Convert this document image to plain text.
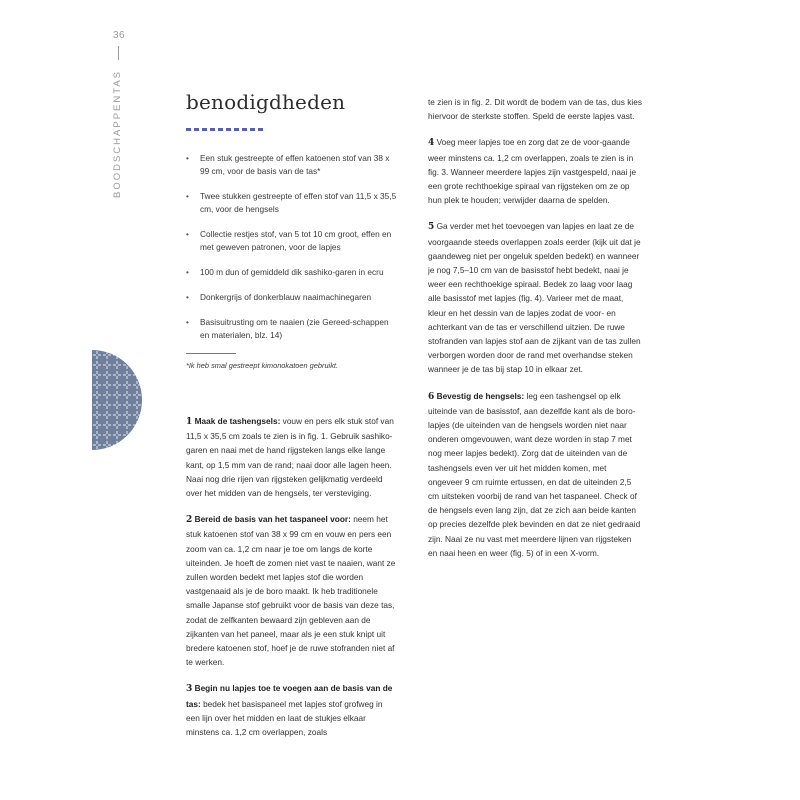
36
BOODSCHAPPENTAS	benodigdheden
• Een stuk gestreepte of effen katoenen stof van 38 x 99 cm, voor de basis van de tas*
• Twee stukken gestreepte of effen stof van 11,5 x 35,5 cm, voor de hengsels
• Collectie restjes stof, van 5 tot 10 cm groot, effen en met geweven patronen, voor de lapjes
• 100 m dun of gemiddeld dik sashiko-garen in ecru
• Donkergrijs of donkerblauw naaimachinegaren
• Basisuitrusting om te naaien (zie Gereed-schappen en materialen, blz. 14)
*Ik heb smal gestreept kimonokatoen gebruikt.

1 Maak de tashengsels: vouw en pers elk stuk stof van 11,5 x 35,5 cm zoals te zien is in fig. 1. Gebruik sashiko-garen en naai met de hand rijgsteken langs elke lange kant, op 1,5 mm van de rand; naai door alle lagen heen. Naai nog drie rijen van rijgsteken gelijkmatig verdeeld over het midden van de hengsels, ter versteviging.

2 Bereid de basis van het taspaneel voor: neem het stuk katoenen stof van 38 x 99 cm en vouw en pers een zoom van ca. 1,2 cm naar je toe om langs de korte uiteinden. Je hoeft de zomen niet vast te naaien, want ze zullen worden bedekt met lapjes stof die worden vastgenaaid als je de boro maakt. Ik heb traditionele smalle Japanse stof gebruikt voor de basis van deze tas, zodat de zelfkanten bewaard zijn gebleven aan de zijkanten van het paneel, maar als je een stuk knipt uit bredere katoenen stof, hoef je de ruwe stofranden niet af te werken.

3 Begin nu lapjes toe te voegen aan de basis van de tas: bedek het basispaneel met lapjes stof grofweg in een lijn over het midden en laat de stukjes elkaar minstens ca. 1,2 cm overlappen, zoals

te zien is in fig. 2. Dit wordt de bodem van de tas, dus kies hiervoor de sterkste stoffen. Speld de eerste lapjes vast.

4 Voeg meer lapjes toe en zorg dat ze de voor-gaande weer minstens ca. 1,2 cm overlappen, zoals te zien is in fig. 3. Wanneer meerdere lapjes zijn vastgespeld, naai je een grote rechthoekige spiraal van rijgsteken om ze op hun plek te houden; verwijder daarna de spelden.

5 Ga verder met het toevoegen van lapjes en laat ze de voorgaande steeds overlappen zoals eerder (kijk uit dat je gaandeweg niet per ongeluk spelden bedekt) en wanneer je nog 7,5–10 cm van de basisstof hebt bedekt, naai je weer een rechthoekige spiraal. Bedek zo laag voor laag alle basisstof met lapjes (fig. 4). Varieer met de maat, kleur en het dessin van de lapjes zodat de voor- en achterkant van de tas er verschillend uitzien. De ruwe stofranden van lapjes stof aan de zijkant van de tas zullen verborgen worden door de rand met overhandse steken wanneer je de tas bij stap 10 in elkaar zet.

6 Bevestig de hengsels: leg een tashengsel op elk uiteinde van de basisstof, aan dezelfde kant als de boro-lapjes (de uiteinden van de hengsels worden niet naar onderen omgevouwen, want deze worden in stap 7 met nog meer lapjes bedekt). Zorg dat de uiteinden van de tashengsels even ver uit het midden komen, met ongeveer 9 cm ruimte ertussen, en dat de uiteinden 2,5 cm uitsteken voorbij de rand van het taspaneel. Check of de hengsels even lang zijn, dat ze zich aan beide kanten op precies dezelfde plek bevinden en dat ze niet gedraaid zijn. Naai ze nu vast met meerdere lijnen van rijgsteken en naai heen en weer (fig. 5) of in een X-vorm.
